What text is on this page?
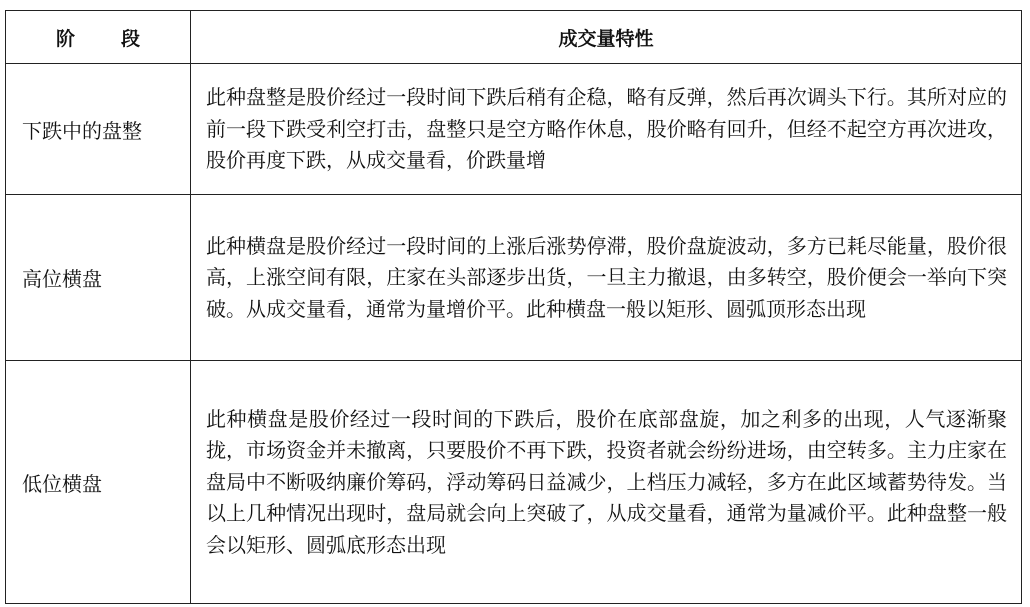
阶 段	成交量特性
下跌中的盘整	此种盘整是股价经过一段时间下跌后稍有企稳，略有反弹，然后再次调头下行。其所对应的前一段下跌受利空打击，盘整只是空方略作休息，股价略有回升，但经不起空方再次进攻，股价再度下跌，从成交量看，价跌量增
高位横盘	此种横盘是股价经过一段时间的上涨后涨势停滞，股价盘旋波动，多方已耗尽能量，股价很高，上涨空间有限，庄家在头部逐步出货，一旦主力撤退，由多转空，股价便会一举向下突破。从成交量看，通常为量增价平。此种横盘一般以矩形、圆弧顶形态出现
低位横盘	此种横盘是股价经过一段时间的下跌后，股价在底部盘旋，加之利多的出现，人气逐渐聚拢，市场资金并未撤离，只要股价不再下跌，投资者就会纷纷进场，由空转多。主力庄家在盘局中不断吸纳廉价筹码，浮动筹码日益减少，上档压力减轻，多方在此区域蓄势待发。当以上几种情况出现时，盘局就会向上突破了，从成交量看，通常为量减价平。此种盘整一般会以矩形、圆弧底形态出现
